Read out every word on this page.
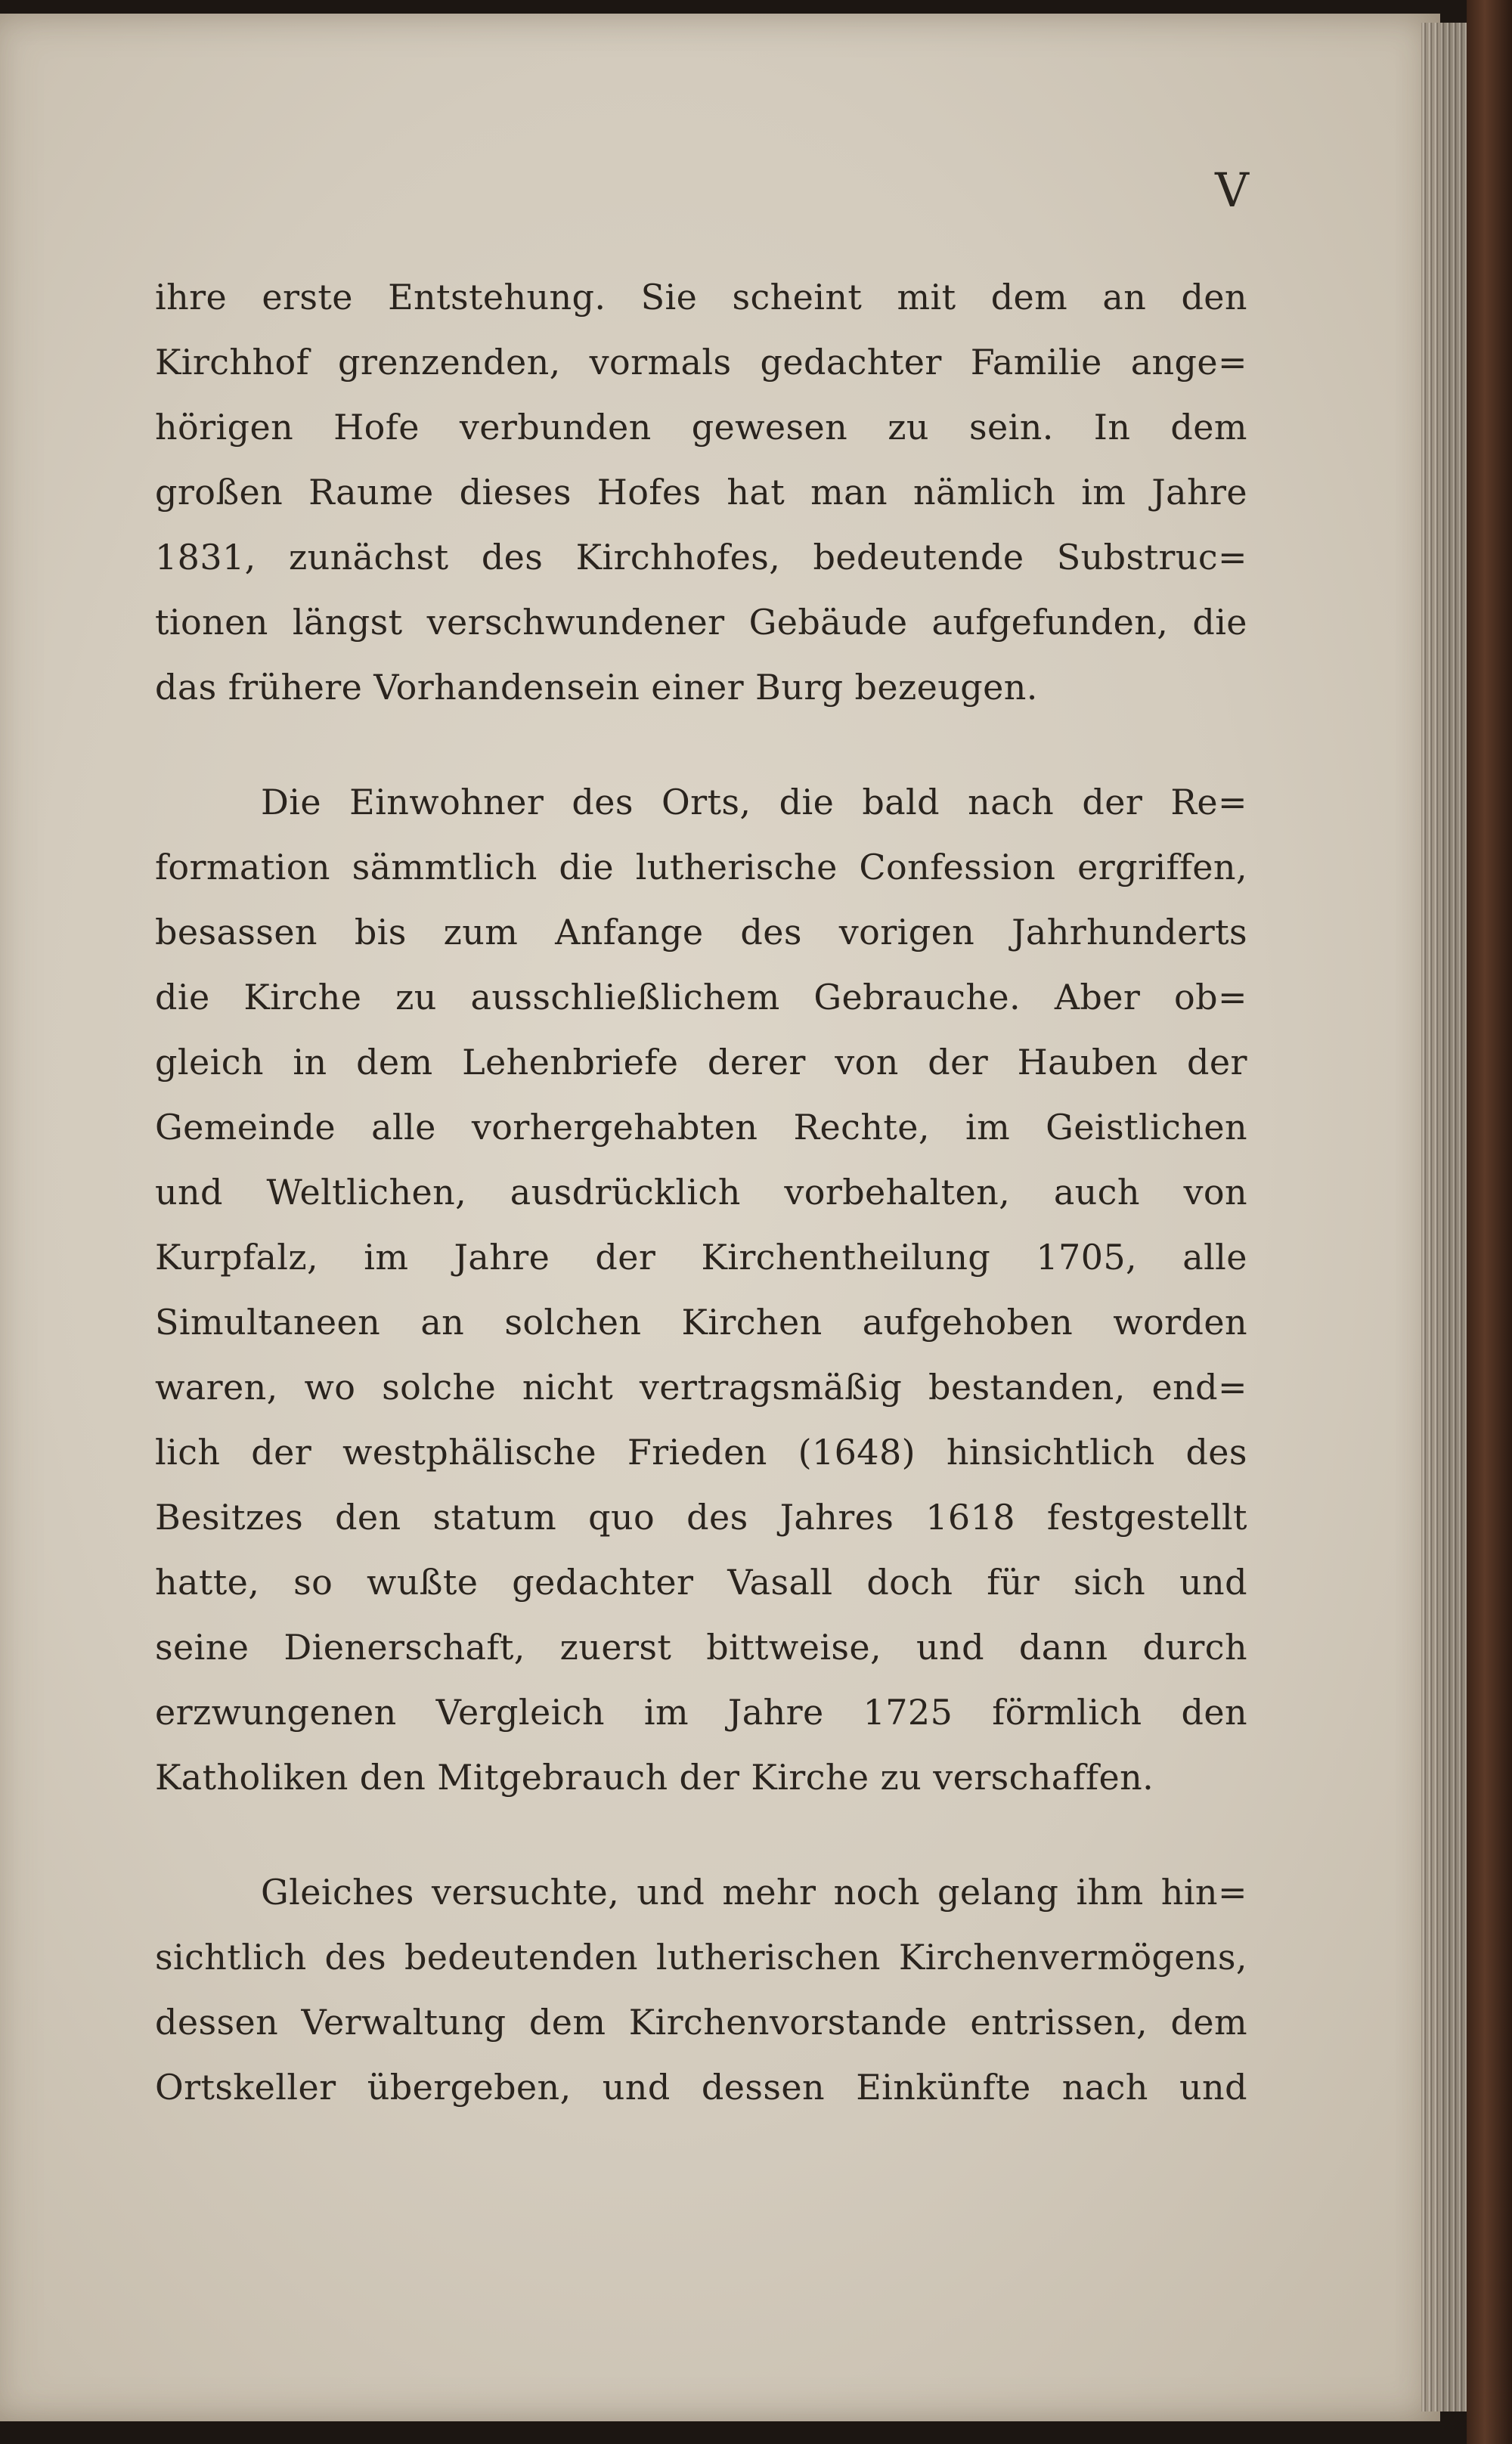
V
ihre erste Entstehung. Sie scheint mit dem an den
Kirchhof grenzenden, vormals gedachter Familie ange=
hörigen Hofe verbunden gewesen zu sein. In dem
großen Raume dieses Hofes hat man nämlich im Jahre
1831, zunächst des Kirchhofes, bedeutende Substruc=
tionen längst verschwundener Gebäude aufgefunden, die
das frühere Vorhandensein einer Burg bezeugen.
Die Einwohner des Orts, die bald nach der Re=
formation sämmtlich die lutherische Confession ergriffen,
besassen bis zum Anfange des vorigen Jahrhunderts
die Kirche zu ausschließlichem Gebrauche. Aber ob=
gleich in dem Lehenbriefe derer von der Hauben der
Gemeinde alle vorhergehabten Rechte, im Geistlichen
und Weltlichen, ausdrücklich vorbehalten, auch von
Kurpfalz, im Jahre der Kirchentheilung 1705, alle
Simultaneen an solchen Kirchen aufgehoben worden
waren, wo solche nicht vertragsmäßig bestanden, end=
lich der westphälische Frieden (1648) hinsichtlich des
Besitzes den statum quo des Jahres 1618 festgestellt
hatte, so wußte gedachter Vasall doch für sich und
seine Dienerschaft, zuerst bittweise, und dann durch
erzwungenen Vergleich im Jahre 1725 förmlich den
Katholiken den Mitgebrauch der Kirche zu verschaffen.
Gleiches versuchte, und mehr noch gelang ihm hin=
sichtlich des bedeutenden lutherischen Kirchenvermögens,
dessen Verwaltung dem Kirchenvorstande entrissen, dem
Ortskeller übergeben, und dessen Einkünfte nach und
